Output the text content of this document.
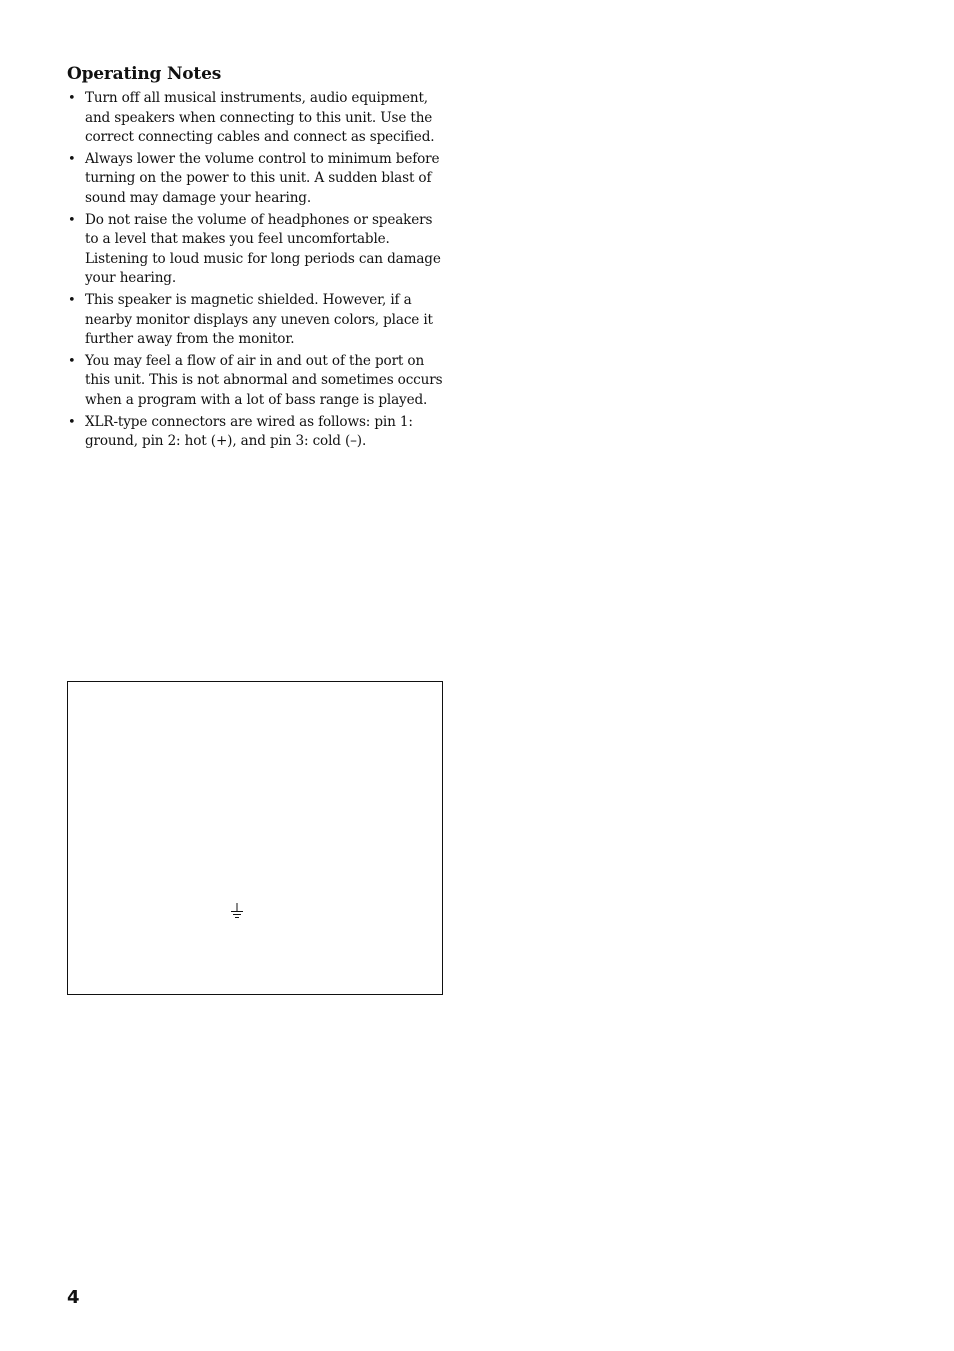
Operating Notes
• Turn off all musical instruments, audio equipment, and speakers when connecting to this unit. Use the correct connecting cables and connect as specified.
• Always lower the volume control to minimum before turning on the power to this unit. A sudden blast of sound may damage your hearing.
• Do not raise the volume of headphones or speakers to a level that makes you feel uncomfortable. Listening to loud music for long periods can damage your hearing.
• This speaker is magnetic shielded. However, if a nearby monitor displays any uneven colors, place it further away from the monitor.
• You may feel a flow of air in and out of the port on this unit. This is not abnormal and sometimes occurs when a program with a lot of bass range is played.
• XLR-type connectors are wired as follows: pin 1: ground, pin 2: hot (+), and pin 3: cold (–).
4
